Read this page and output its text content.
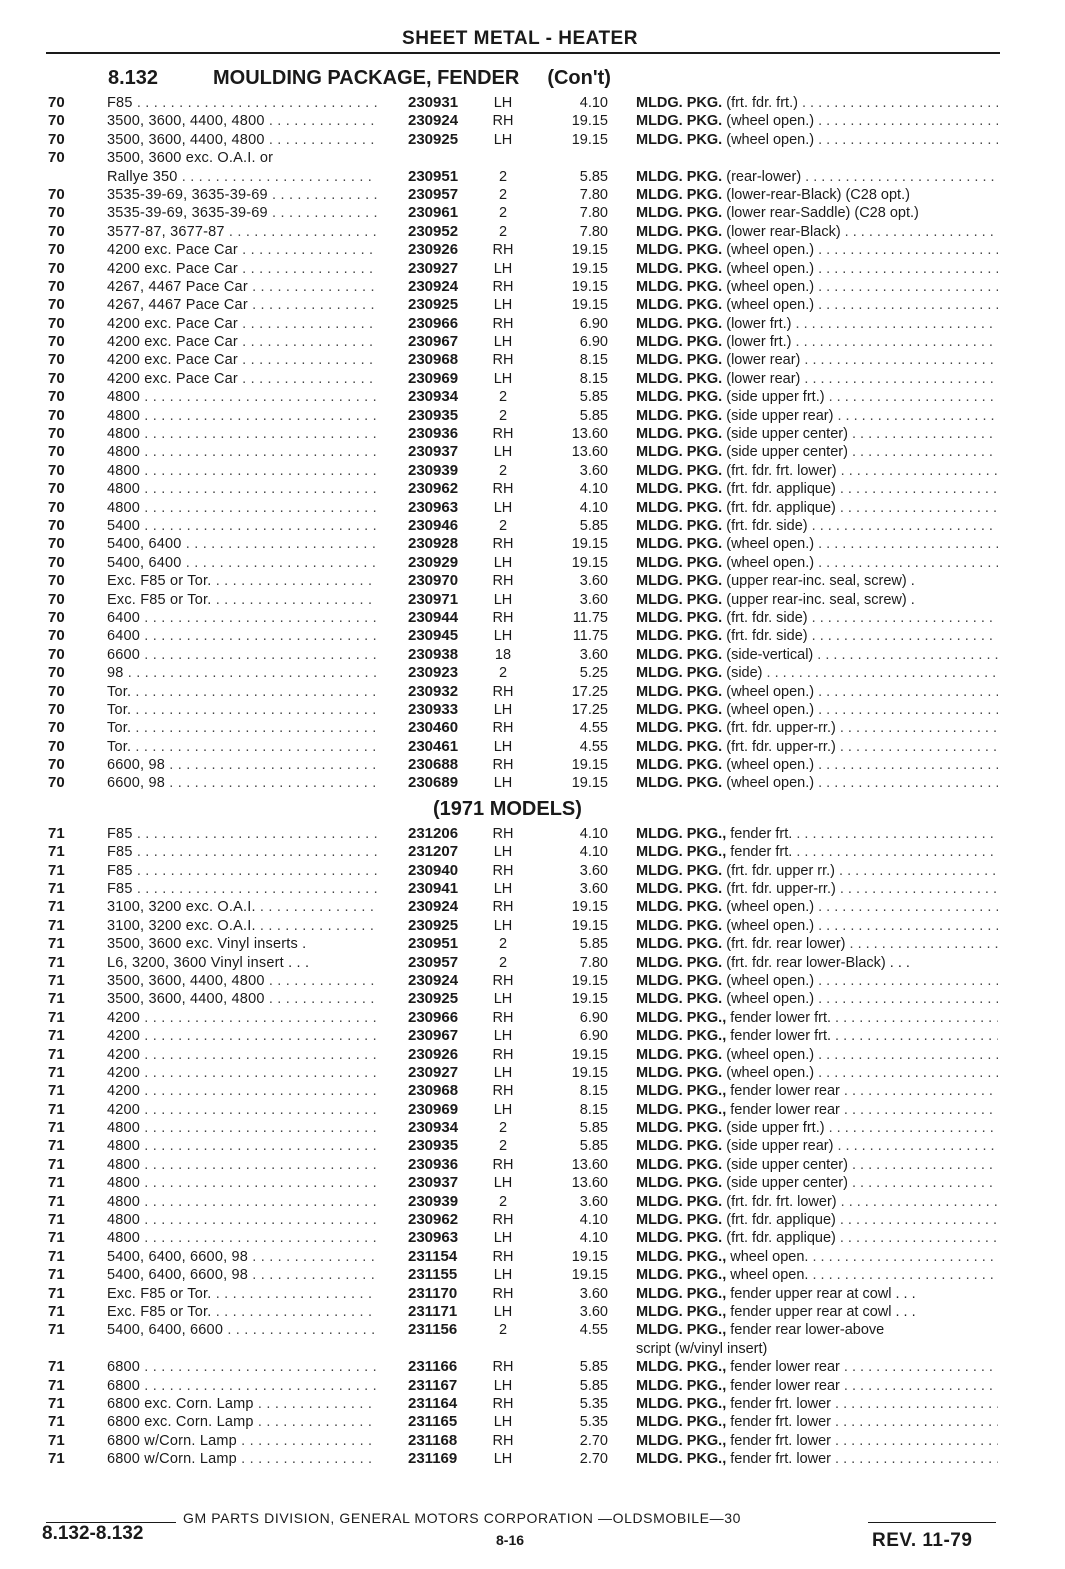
SHEET METAL - HEATER
8.132	MOULDING PACKAGE, FENDER (Con't)
70	F85 . . .	230931	LH	4.10 MLDG. PKG. (frt. fdr. frt.) . . .
70	3500, 3600, 4400, 4800 . . .	230924	RH	19.15 MLDG. PKG. (wheel open.) . . .
70	3500, 3600, 4400, 4800 . . .	230925	LH	19.15 MLDG. PKG. (wheel open.) . . .
70	3500, 3600 exc. O.A.I. or
Rallye 350 . . .	230951	2	5.85 MLDG. PKG. (rear-lower) . . .
70	3535-39-69, 3635-39-69 . . .	230957	2	7.80 MLDG. PKG. (lower-rear-Black) (C28 opt.)
70	3535-39-69, 3635-39-69 . . .	230961	2	7.80 MLDG. PKG. (lower rear-Saddle) (C28 opt.)
70	3577-87, 3677-87 . . .	230952	2	7.80 MLDG. PKG. (lower rear-Black) . . .
70	4200 exc. Pace Car . . .	230926	RH	19.15 MLDG. PKG. (wheel open.) . . .
70	4200 exc. Pace Car . . .	230927	LH	19.15 MLDG. PKG. (wheel open.) . . .
70	4267, 4467 Pace Car . . .	230924	RH	19.15 MLDG. PKG. (wheel open.) . . .
70	4267, 4467 Pace Car . . .	230925	LH	19.15 MLDG. PKG. (wheel open.) . . .
70	4200 exc. Pace Car . . .	230966	RH	6.90 MLDG. PKG. (lower frt.) . . .
70	4200 exc. Pace Car . . .	230967	LH	6.90 MLDG. PKG. (lower frt.) . . .
70	4200 exc. Pace Car . . .	230968	RH	8.15 MLDG. PKG. (lower rear) . . .
70	4200 exc. Pace Car . . .	230969	LH	8.15 MLDG. PKG. (lower rear) . . .
70	4800 . . .	230934	2	5.85 MLDG. PKG. (side upper frt.) . . .
70	4800 . . .	230935	2	5.85 MLDG. PKG. (side upper rear) . . .
70	4800 . . .	230936	RH	13.60 MLDG. PKG. (side upper center) . . .
70	4800 . . .	230937	LH	13.60 MLDG. PKG. (side upper center) . . .
70	4800 . . .	230939	2	3.60 MLDG. PKG. (frt. fdr. frt. lower) . . .
70	4800 . . .	230962	RH	4.10 MLDG. PKG. (frt. fdr. applique) . . .
70	4800 . . .	230963	LH	4.10 MLDG. PKG. (frt. fdr. applique) . . .
70	5400 . . .	230946	2	5.85 MLDG. PKG. (frt. fdr. side) . . .
70	5400, 6400 . . .	230928	RH	19.15 MLDG. PKG. (wheel open.) . . .
70	5400, 6400 . . .	230929	LH	19.15 MLDG. PKG. (wheel open.) . . .
70	Exc. F85 or Tor. . . .	230970	RH	3.60 MLDG. PKG. (upper rear-inc. seal, screw) .
70	Exc. F85 or Tor. . . .	230971	LH	3.60 MLDG. PKG. (upper rear-inc. seal, screw) .
70	6400 . . .	230944	RH	11.75 MLDG. PKG. (frt. fdr. side) . . .
70	6400 . . .	230945	LH	11.75 MLDG. PKG. (frt. fdr. side) . . .
70	6600 . . .	230938	18	3.60 MLDG. PKG. (side-vertical) . . .
70	98 . . .	230923	2	5.25 MLDG. PKG. (side) . . .
70	Tor. . . .	230932	RH	17.25 MLDG. PKG. (wheel open.) . . .
70	Tor. . . .	230933	LH	17.25 MLDG. PKG. (wheel open.) . . .
70	Tor. . . .	230460	RH	4.55 MLDG. PKG. (frt. fdr. upper-rr.) . . .
70	Tor. . . .	230461	LH	4.55 MLDG. PKG. (frt. fdr. upper-rr.) . . .
70	6600, 98 . . .	230688	RH	19.15 MLDG. PKG. (wheel open.) . . .
70	6600, 98 . . .	230689	LH	19.15 MLDG. PKG. (wheel open.) . . .
(1971 MODELS)
71	F85 . . .	231206	RH	4.10 MLDG. PKG., fender frt. . . .
71	F85 . . .	231207	LH	4.10 MLDG. PKG., fender frt. . . .
71	F85 . . .	230940	RH	3.60 MLDG. PKG. (frt. fdr. upper rr.) . . .
71	F85 . . .	230941	LH	3.60 MLDG. PKG. (frt. fdr. upper-rr.) . . .
71	3100, 3200 exc. O.A.I. . . .	230924	RH	19.15 MLDG. PKG. (wheel open.) . . .
71	3100, 3200 exc. O.A.I. . . .	230925	LH	19.15 MLDG. PKG. (wheel open.) . . .
71	3500, 3600 exc. Vinyl inserts .	230951	2	5.85 MLDG. PKG. (frt. fdr. rear lower) . . .
71	L6, 3200, 3600 Vinyl insert . . .	230957	2	7.80 MLDG. PKG. (frt. fdr. rear lower-Black) . . .
71	3500, 3600, 4400, 4800 . . .	230924	RH	19.15 MLDG. PKG. (wheel open.) . . .
71	3500, 3600, 4400, 4800 . . .	230925	LH	19.15 MLDG. PKG. (wheel open.) . . .
71	4200 . . .	230966	RH	6.90 MLDG. PKG., fender lower frt. . . .
71	4200 . . .	230967	LH	6.90 MLDG. PKG., fender lower frt. . . .
71	4200 . . .	230926	RH	19.15 MLDG. PKG. (wheel open.) . . .
71	4200 . . .	230927	LH	19.15 MLDG. PKG. (wheel open.) . . .
71	4200 . . .	230968	RH	8.15 MLDG. PKG., fender lower rear . . .
71	4200 . . .	230969	LH	8.15 MLDG. PKG., fender lower rear . . .
71	4800 . . .	230934	2	5.85 MLDG. PKG. (side upper frt.) . . .
71	4800 . . .	230935	2	5.85 MLDG. PKG. (side upper rear) . . .
71	4800 . . .	230936	RH	13.60 MLDG. PKG. (side upper center) . . .
71	4800 . . .	230937	LH	13.60 MLDG. PKG. (side upper center) . . .
71	4800 . . .	230939	2	3.60 MLDG. PKG. (frt. fdr. frt. lower) . . .
71	4800 . . .	230962	RH	4.10 MLDG. PKG. (frt. fdr. applique) . . .
71	4800 . . .	230963	LH	4.10 MLDG. PKG. (frt. fdr. applique) . . .
71	5400, 6400, 6600, 98 . . .	231154	RH	19.15 MLDG. PKG., wheel open. . . .
71	5400, 6400, 6600, 98 . . .	231155	LH	19.15 MLDG. PKG., wheel open. . . .
71	Exc. F85 or Tor. . . .	231170	RH	3.60 MLDG. PKG., fender upper rear at cowl . . .
71	Exc. F85 or Tor. . . .	231171	LH	3.60 MLDG. PKG., fender upper rear at cowl . . .
71	5400, 6400, 6600 . . .	231156	2	4.55 MLDG. PKG., fender rear lower-above
script (w/vinyl insert)
71	6800 . . .	231166	RH	5.85 MLDG. PKG., fender lower rear . . .
71	6800 . . .	231167	LH	5.85 MLDG. PKG., fender lower rear . . .
71	6800 exc. Corn. Lamp . . .	231164	RH	5.35 MLDG. PKG., fender frt. lower . . .
71	6800 exc. Corn. Lamp . . .	231165	LH	5.35 MLDG. PKG., fender frt. lower . . .
71	6800 w/Corn. Lamp . . .	231168	RH	2.70 MLDG. PKG., fender frt. lower . . .
71	6800 w/Corn. Lamp . . .	231169	LH	2.70 MLDG. PKG., fender frt. lower . . .
GM PARTS DIVISION, GENERAL MOTORS CORPORATION —OLDSMOBILE—30
8-16
8.132-8.132	REV. 11-79
